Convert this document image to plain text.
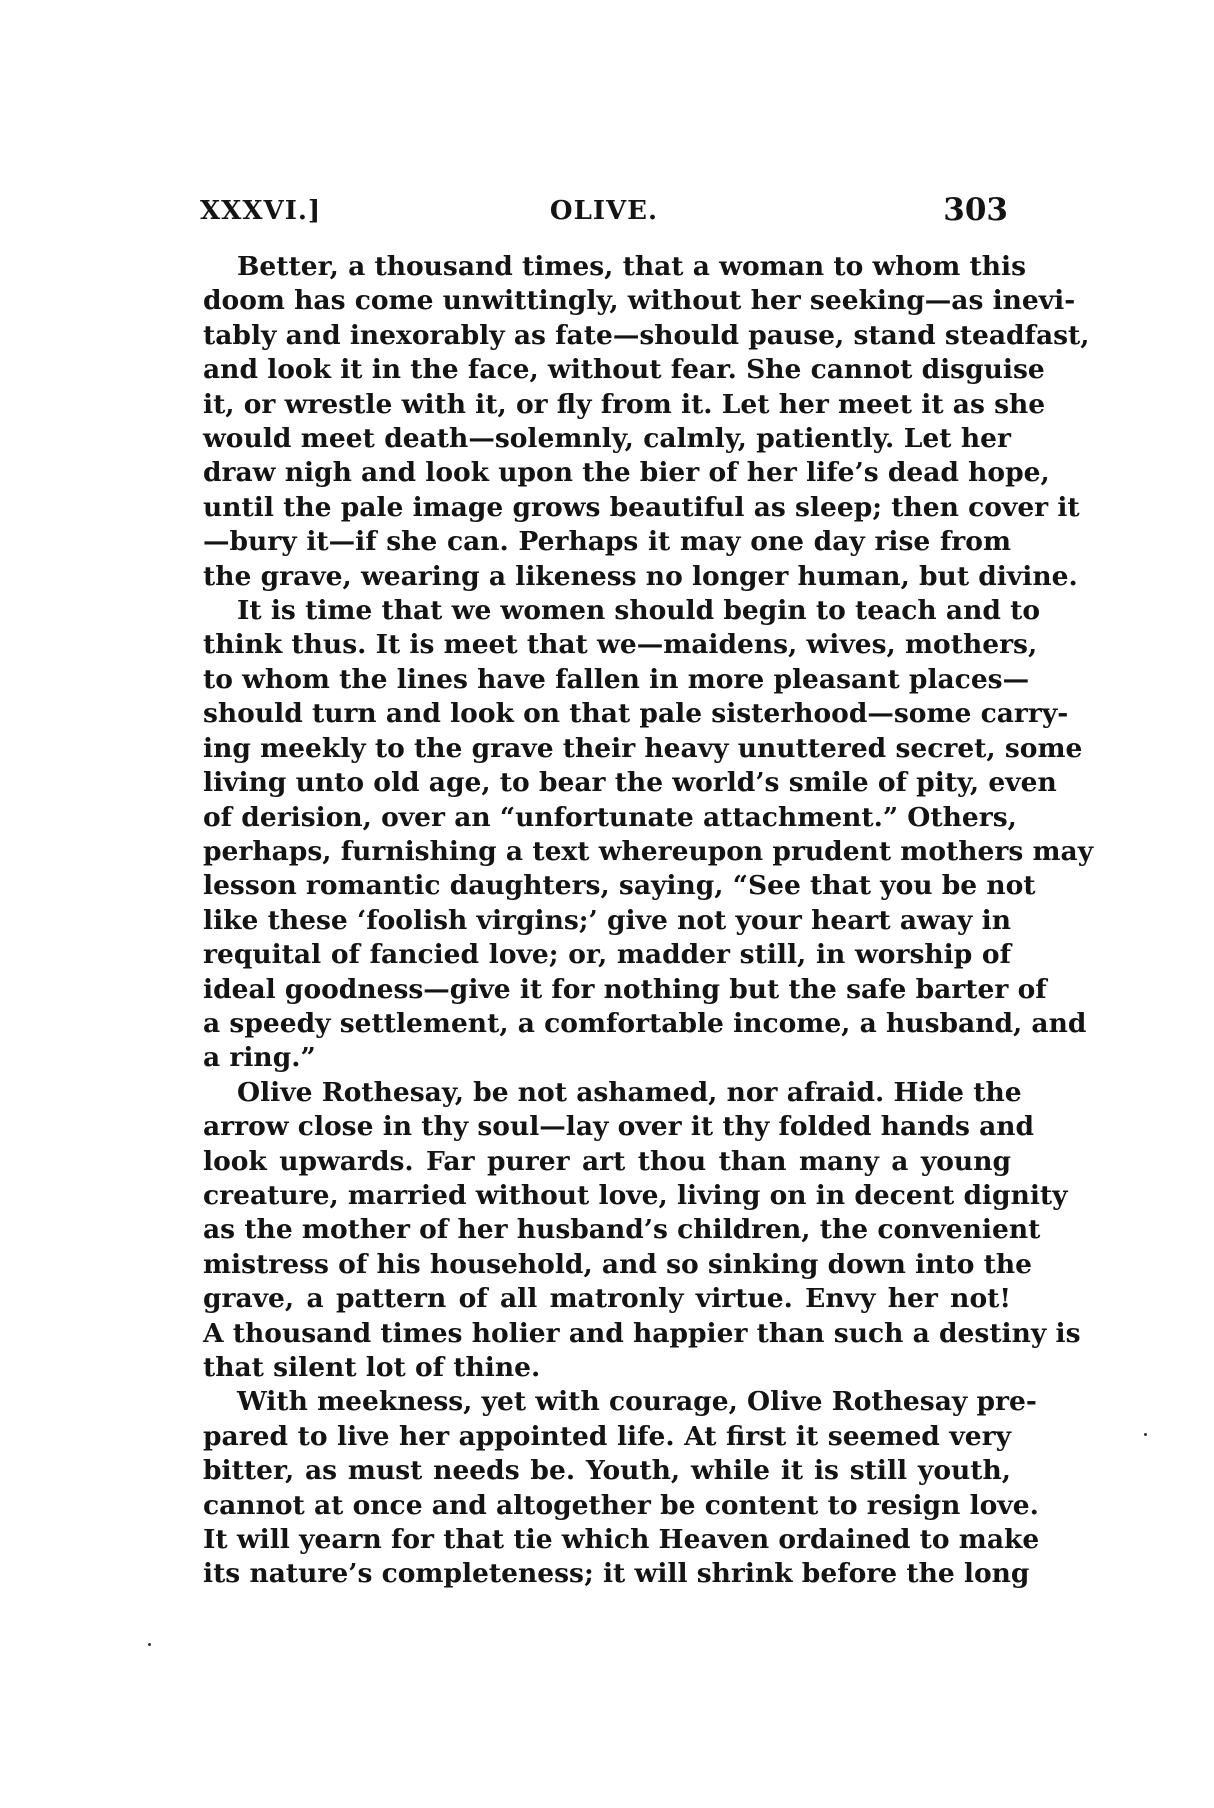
XXXVI.]	OLIVE.	303

Better, a thousand times, that a woman to whom this
doom has come unwittingly, without her seeking—as inevi-
tably and inexorably as fate—should pause, stand steadfast,
and look it in the face, without fear. She cannot disguise
it, or wrestle with it, or fly from it. Let her meet it as she
would meet death—solemnly, calmly, patiently. Let her
draw nigh and look upon the bier of her life’s dead hope,
until the pale image grows beautiful as sleep; then cover it
—bury it—if she can. Perhaps it may one day rise from
the grave, wearing a likeness no longer human, but divine.

It is time that we women should begin to teach and to
think thus. It is meet that we—maidens, wives, mothers,
to whom the lines have fallen in more pleasant places—
should turn and look on that pale sisterhood—some carry-
ing meekly to the grave their heavy unuttered secret, some
living unto old age, to bear the world’s smile of pity, even
of derision, over an “unfortunate attachment.” Others,
perhaps, furnishing a text whereupon prudent mothers may
lesson romantic daughters, saying, “See that you be not
like these ‘foolish virgins;’ give not your heart away in
requital of fancied love; or, madder still, in worship of
ideal goodness—give it for nothing but the safe barter of
a speedy settlement, a comfortable income, a husband, and
a ring.”

Olive Rothesay, be not ashamed, nor afraid. Hide the
arrow close in thy soul—lay over it thy folded hands and
look upwards. Far purer art thou than many a young
creature, married without love, living on in decent dignity
as the mother of her husband’s children, the convenient
mistress of his household, and so sinking down into the
grave, a pattern of all matronly virtue. Envy her not!
A thousand times holier and happier than such a destiny is
that silent lot of thine.

With meekness, yet with courage, Olive Rothesay pre-
pared to live her appointed life. At first it seemed very
bitter, as must needs be. Youth, while it is still youth,
cannot at once and altogether be content to resign love.
It will yearn for that tie which Heaven ordained to make
its nature’s completeness; it will shrink before the long
